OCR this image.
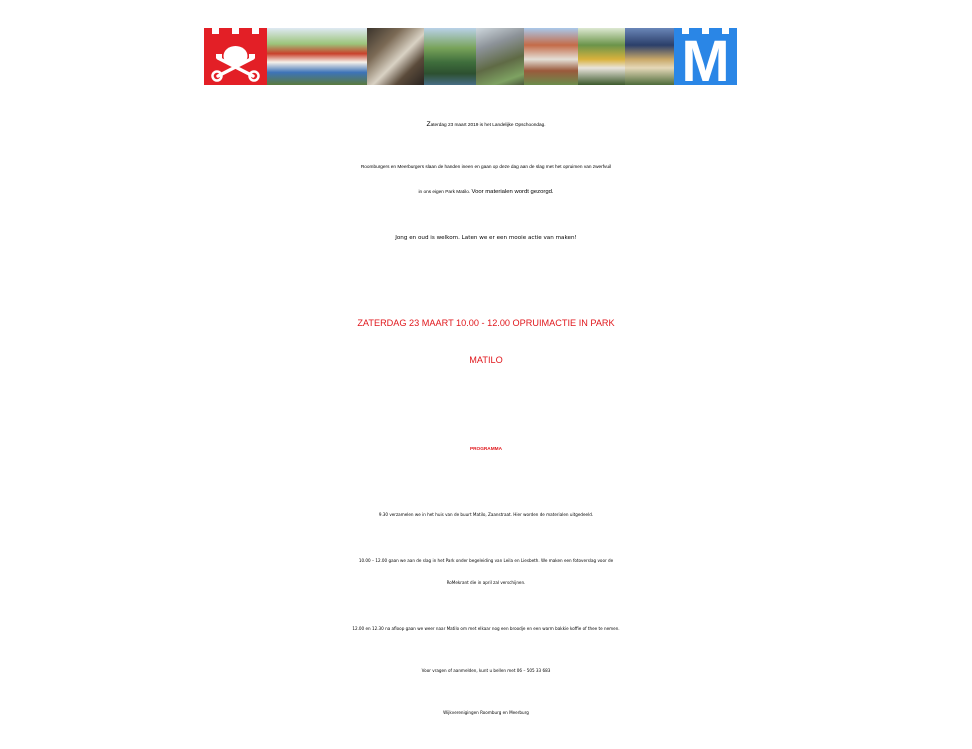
M
Zaterdag 23 maart 2019 is het Landelijke Opschoondag.
Roomburgers en Meerburgers slaan de handen ineen en gaan op deze dag aan de slag met het opruimen van zwerfvuil
in ons eigen Park Matilo. Voor materialen wordt gezorgd.
Jong en oud is welkom. Laten we er een mooie actie van maken!
ZATERDAG 23 MAART 10.00 - 12.00 OPRUIMACTIE IN PARK
MATILO
PROGRAMMA
9.30 verzamelen we in het huis van de buurt Matilo, Zaanstraat. Hier worden de materialen uitgedeeld.
10.00 – 12.00 gaan we aan de slag in het Park onder begeleiding van Leila en Liesbeth. We maken een fotoverslag voor de
RoMekrant die in april zal verschijnen.
12.00 en 12.30 na afloop gaan we weer naar Matilo om met elkaar nog een broodje en een warm bakkie koffie of thee te nemen.
Voor vragen of aanmelden, kunt u bellen met 06 – 505 33 683
Wijkverenigingen Roomburg en Meerburg
